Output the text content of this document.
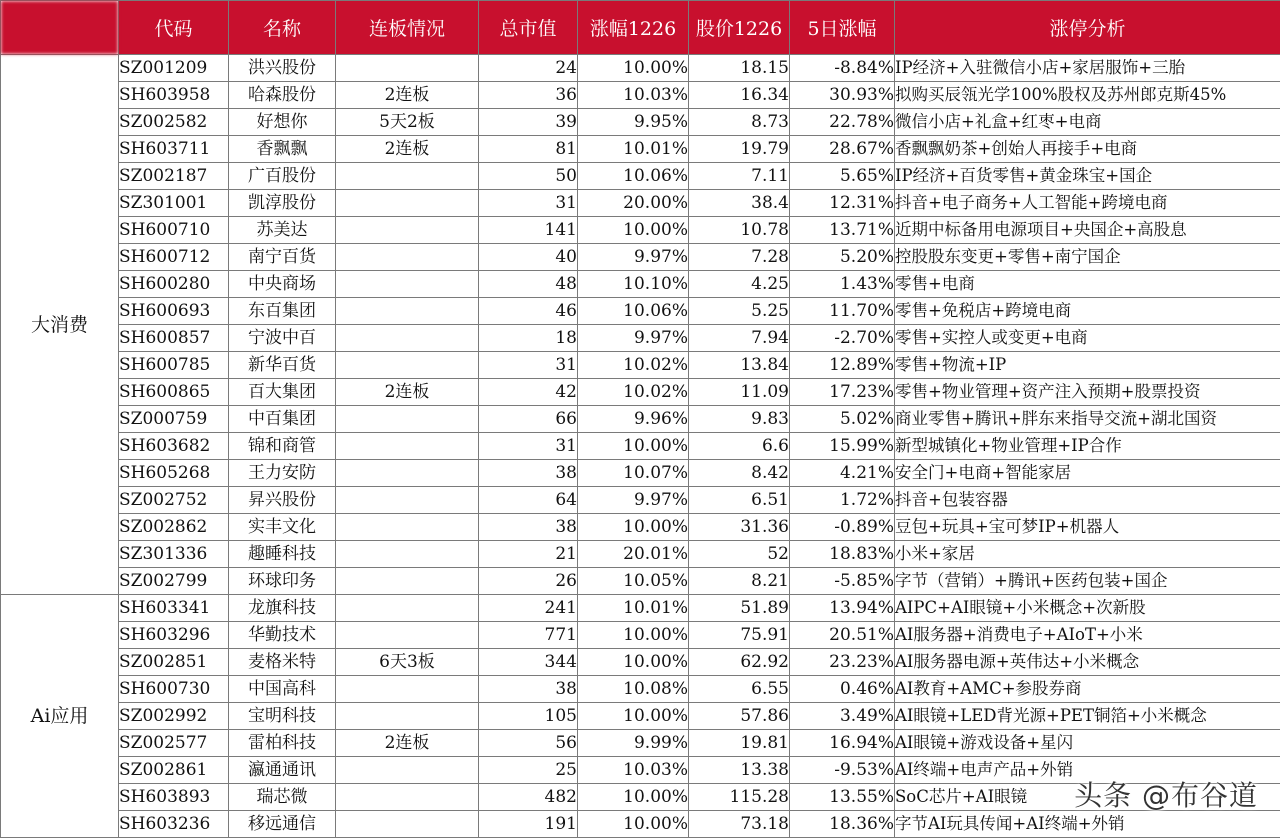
	代码	名称	连板情况	总市值	涨幅1226	股价1226	5日涨幅	涨停分析
大消费	SZ001209	洪兴股份		24	10.00%	18.15	-8.84%	IP经济+入驻微信小店+家居服饰+三胎
	SH603958	哈森股份	2连板	36	10.03%	16.34	30.93%	拟购买辰瓴光学100%股权及苏州郎克斯45%
	SZ002582	好想你	5天2板	39	9.95%	8.73	22.78%	微信小店+礼盒+红枣+电商
	SH603711	香飘飘	2连板	81	10.01%	19.79	28.67%	香飘飘奶茶+创始人再接手+电商
	SZ002187	广百股份		50	10.06%	7.11	5.65%	IP经济+百货零售+黄金珠宝+国企
	SZ301001	凯淳股份		31	20.00%	38.4	12.31%	抖音+电子商务+人工智能+跨境电商
	SH600710	苏美达		141	10.00%	10.78	13.71%	近期中标备用电源项目+央国企+高股息
	SH600712	南宁百货		40	9.97%	7.28	5.20%	控股股东变更+零售+南宁国企
	SH600280	中央商场		48	10.10%	4.25	1.43%	零售+电商
	SH600693	东百集团		46	10.06%	5.25	11.70%	零售+免税店+跨境电商
	SH600857	宁波中百		18	9.97%	7.94	-2.70%	零售+实控人或变更+电商
	SH600785	新华百货		31	10.02%	13.84	12.89%	零售+物流+IP
	SH600865	百大集团	2连板	42	10.02%	11.09	17.23%	零售+物业管理+资产注入预期+股票投资
	SZ000759	中百集团		66	9.96%	9.83	5.02%	商业零售+腾讯+胖东来指导交流+湖北国资
	SH603682	锦和商管		31	10.00%	6.6	15.99%	新型城镇化+物业管理+IP合作
	SH605268	王力安防		38	10.07%	8.42	4.21%	安全门+电商+智能家居
	SZ002752	昇兴股份		64	9.97%	6.51	1.72%	抖音+包装容器
	SZ002862	实丰文化		38	10.00%	31.36	-0.89%	豆包+玩具+宝可梦IP+机器人
	SZ301336	趣睡科技		21	20.01%	52	18.83%	小米+家居
	SZ002799	环球印务		26	10.05%	8.21	-5.85%	字节（营销）+腾讯+医药包装+国企
Ai应用	SH603341	龙旗科技		241	10.01%	51.89	13.94%	AIPC+AI眼镜+小米概念+次新股
	SH603296	华勤技术		771	10.00%	75.91	20.51%	AI服务器+消费电子+AIoT+小米
	SZ002851	麦格米特	6天3板	344	10.00%	62.92	23.23%	AI服务器电源+英伟达+小米概念
	SH600730	中国高科		38	10.08%	6.55	0.46%	AI教育+AMC+参股券商
	SZ002992	宝明科技		105	10.00%	57.86	3.49%	AI眼镜+LED背光源+PET铜箔+小米概念
	SZ002577	雷柏科技	2连板	56	9.99%	19.81	16.94%	AI眼镜+游戏设备+星闪
	SZ002861	瀛通通讯		25	10.03%	13.38	-9.53%	AI终端+电声产品+外销
	SH603893	瑞芯微		482	10.00%	115.28	13.55%	SoC芯片+AI眼镜
	SH603236	移远通信		191	10.00%	73.18	18.36%	字节AI玩具传闻+AI终端+外销
头条 @布谷道
